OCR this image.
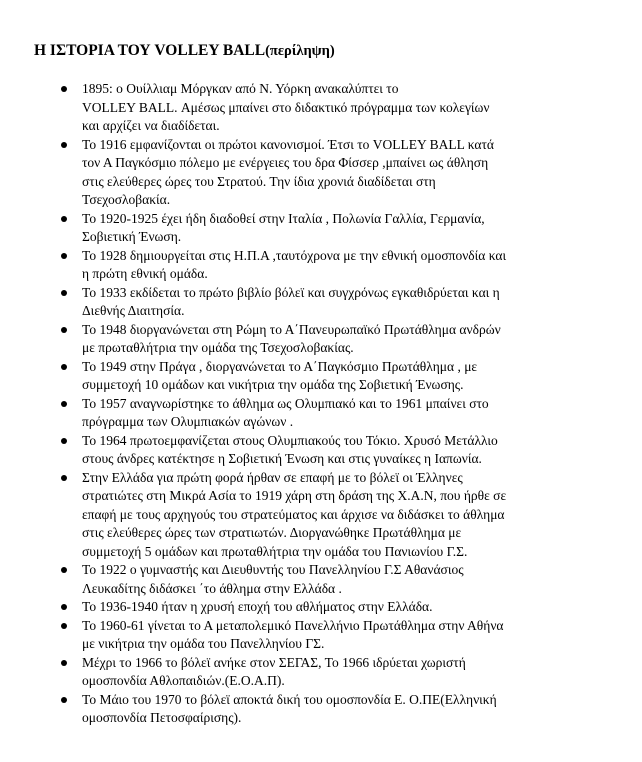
Η ΙΣΤΟΡΙΑ ΤΟΥ VOLLEY BALL(περίληψη)
1895: ο Ουίλλιαμ Μόργκαν από Ν. Υόρκη ανακαλύπτει το
VOLLEY BALL. Αμέσως μπαίνει στο διδακτικό πρόγραμμα των κολεγίων
και αρχίζει να διαδίδεται.
Το 1916 εμφανίζονται οι πρώτοι κανονισμοί. Έτσι το VOLLEY BALL κατά
τον Α Παγκόσμιο πόλεμο με ενέργειες του δρα Φίσσερ ,μπαίνει ως άθληση
στις ελεύθερες ώρες του Στρατού. Την ίδια χρονιά διαδίδεται στη
Τσεχοσλοβακία.
Το 1920-1925 έχει ήδη διαδοθεί στην Ιταλία , Πολωνία Γαλλία, Γερμανία,
Σοβιετική Ένωση.
Το 1928 δημιουργείται στις Η.Π.Α ,ταυτόχρονα με την εθνική ομοσπονδία και
η πρώτη εθνική ομάδα.
Το 1933 εκδίδεται το πρώτο βιβλίο βόλεϊ και συγχρόνως εγκαθιδρύεται και η
Διεθνής Διαιτησία.
Το 1948 διοργανώνεται στη Ρώμη το Α΄Πανευρωπαϊκό Πρωτάθλημα ανδρών
με πρωταθλήτρια την ομάδα της Τσεχοσλοβακίας.
Το 1949 στην Πράγα , διοργανώνεται το Α΄Παγκόσμιο Πρωτάθλημα , με
συμμετοχή 10 ομάδων και νικήτρια την ομάδα της Σοβιετική Ένωσης.
Το 1957 αναγνωρίστηκε το άθλημα ως Ολυμπιακό και το 1961 μπαίνει στο
πρόγραμμα των Ολυμπιακών αγώνων .
Το 1964 πρωτοεμφανίζεται στους Ολυμπιακούς του Τόκιο. Χρυσό Μετάλλιο
στους άνδρες κατέκτησε η Σοβιετική Ένωση και στις γυναίκες η Ιαπωνία.
Στην Ελλάδα για πρώτη φορά ήρθαν σε επαφή με το βόλεϊ οι Έλληνες
στρατιώτες στη Μικρά Ασία το 1919 χάρη στη δράση της Χ.Α.Ν, που ήρθε σε
επαφή με τους αρχηγούς του στρατεύματος και άρχισε να διδάσκει το άθλημα
στις ελεύθερες ώρες των στρατιωτών. Διοργανώθηκε Πρωτάθλημα με
συμμετοχή 5 ομάδων και πρωταθλήτρια την ομάδα του Πανιωνίου Γ.Σ.
Το 1922 ο γυμναστής και Διευθυντής του Πανελληνίου Γ.Σ Αθανάσιος
Λευκαδίτης διδάσκει ΄το άθλημα στην Ελλάδα .
Το 1936-1940 ήταν η χρυσή εποχή του αθλήματος στην Ελλάδα.
Το 1960-61 γίνεται το Α μεταπολεμικό Πανελλήνιο Πρωτάθλημα στην Αθήνα
με νικήτρια την ομάδα του Πανελληνίου ΓΣ.
Μέχρι το 1966 το βόλεϊ ανήκε στον ΣΕΓΑΣ, Το 1966 ιδρύεται χωριστή
ομοσπονδία Αθλοπαιδιών.(Ε.Ο.Α.Π).
Το Μάιο του 1970 το βόλεϊ αποκτά δική του ομοσπονδία Ε. Ο.ΠΕ(Ελληνική
ομοσπονδία Πετοσφαίρισης).
